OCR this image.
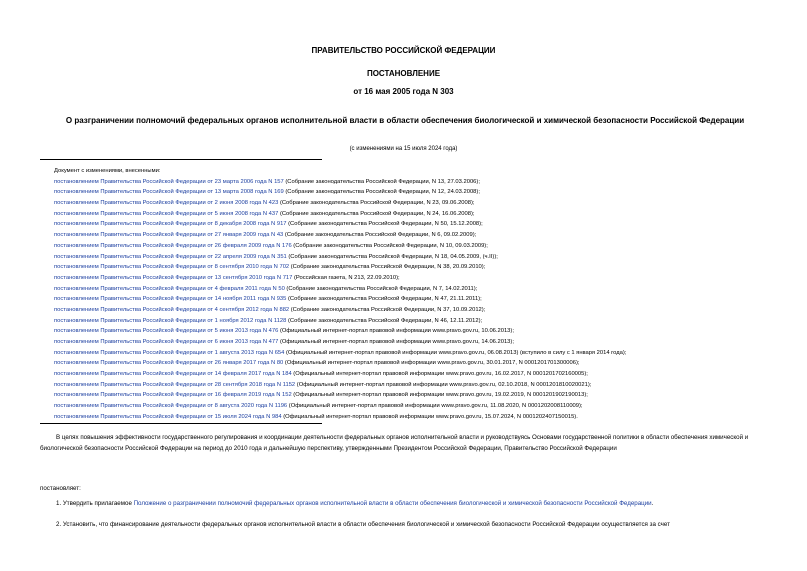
ПРАВИТЕЛЬСТВО РОССИЙСКОЙ ФЕДЕРАЦИИ
ПОСТАНОВЛЕНИЕ
от 16 мая 2005 года N 303
О разграничении полномочий федеральных органов исполнительной власти в области обеспечения биологической и химической безопасности Российской Федерации
(с изменениями на 15 июля 2024 года)
Документ с изменениями, внесенными:
постановлением Правительства Российской Федерации от 23 марта 2006 года N 157 (Собрание законодательства Российской Федерации, N 13, 27.03.2006);
постановлением Правительства Российской Федерации от 13 марта 2008 года N 169 (Собрание законодательства Российской Федерации, N 12, 24.03.2008);
постановлением Правительства Российской Федерации от 2 июня 2008 года N 423 (Собрание законодательства Российской Федерации, N 23, 09.06.2008);
постановлением Правительства Российской Федерации от 5 июня 2008 года N 437 (Собрание законодательства Российской Федерации, N 24, 16.06.2008);
постановлением Правительства Российской Федерации от 8 декабря 2008 года N 917 (Собрание законодательства Российской Федерации, N 50, 15.12.2008);
постановлением Правительства Российской Федерации от 27 января 2009 года N 43 (Собрание законодательства Российской Федерации, N 6, 09.02.2009);
постановлением Правительства Российской Федерации от 26 февраля 2009 года N 176 (Собрание законодательства Российской Федерации, N 10, 09.03.2009);
постановлением Правительства Российской Федерации от 22 апреля 2009 года N 351 (Собрание законодательства Российской Федерации, N 18, 04.05.2009, (ч.II));
постановлением Правительства Российской Федерации от 8 сентября 2010 года N 702 (Собрание законодательства Российской Федерации, N 38, 20.09.2010);
постановлением Правительства Российской Федерации от 13 сентября 2010 года N 717 (Российская газета, N 213, 22.09.2010);
постановлением Правительства Российской Федерации от 4 февраля 2011 года N 50 (Собрание законодательства Российской Федерации, N 7, 14.02.2011);
постановлением Правительства Российской Федерации от 14 ноября 2011 года N 935 (Собрание законодательства Российской Федерации, N 47, 21.11.2011);
постановлением Правительства Российской Федерации от 4 сентября 2012 года N 882 (Собрание законодательства Российской Федерации, N 37, 10.09.2012);
постановлением Правительства Российской Федерации от 1 ноября 2012 года N 1128 (Собрание законодательства Российской Федерации, N 46, 12.11.2012);
постановлением Правительства Российской Федерации от 5 июня 2013 года N 476 (Официальный интернет-портал правовой информации www.pravo.gov.ru, 10.06.2013);
постановлением Правительства Российской Федерации от 6 июня 2013 года N 477 (Официальный интернет-портал правовой информации www.pravo.gov.ru, 14.06.2013);
постановлением Правительства Российской Федерации от 1 августа 2013 года N 654 (Официальный интернет-портал правовой информации www.pravo.gov.ru, 06.08.2013) (вступило в силу с 1 января 2014 года);
постановлением Правительства Российской Федерации от 26 января 2017 года N 80 (Официальный интернет-портал правовой информации www.pravo.gov.ru, 30.01.2017, N 0001201701300006);
постановлением Правительства Российской Федерации от 14 февраля 2017 года N 184 (Официальный интернет-портал правовой информации www.pravo.gov.ru, 16.02.2017, N 0001201702160005);
постановлением Правительства Российской Федерации от 28 сентября 2018 года N 1152 (Официальный интернет-портал правовой информации www.pravo.gov.ru, 02.10.2018, N 0001201810020021);
постановлением Правительства Российской Федерации от 16 февраля 2019 года N 152 (Официальный интернет-портал правовой информации www.pravo.gov.ru, 19.02.2019, N 0001201902190013);
постановлением Правительства Российской Федерации от 8 августа 2020 года N 1196 (Официальный интернет-портал правовой информации www.pravo.gov.ru, 11.08.2020, N 0001202008110009);
постановлением Правительства Российской Федерации от 15 июля 2024 года N 984 (Официальный интернет-портал правовой информации www.pravo.gov.ru, 15.07.2024, N 0001202407150015).
В целях повышения эффективности государственного регулирования и координации деятельности федеральных органов исполнительной власти и руководствуясь Основами государственной политики в области обеспечения химической и биологической безопасности Российской Федерации на период до 2010 года и дальнейшую перспективу, утвержденными Президентом Российской Федерации, Правительство Российской Федерации
постановляет:
1. Утвердить прилагаемое Положение о разграничении полномочий федеральных органов исполнительной власти в области обеспечения биологической и химической безопасности Российской Федерации.
2. Установить, что финансирование деятельности федеральных органов исполнительной власти в области обеспечения биологической и химической безопасности Российской Федерации осуществляется за счет
